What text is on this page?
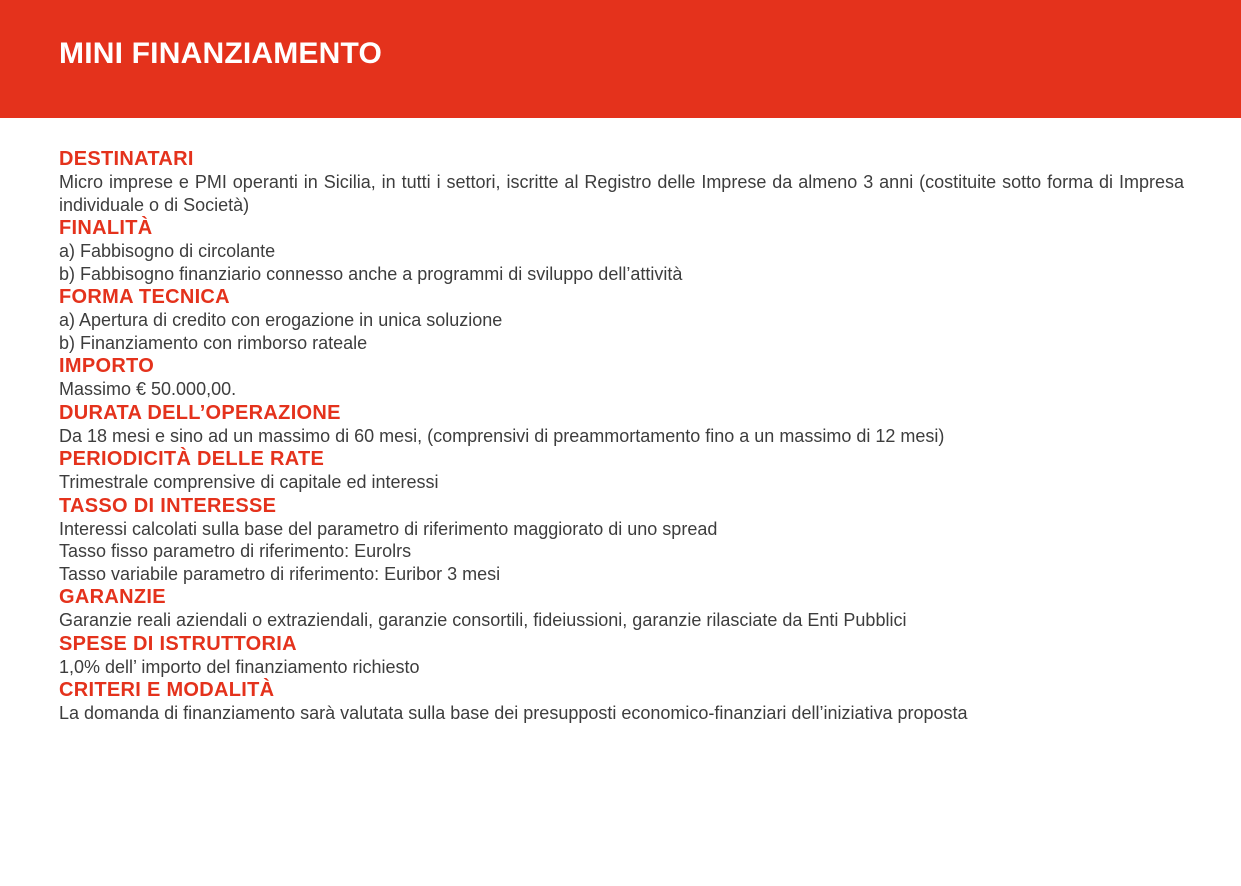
MINI FINANZIAMENTO
DESTINATARI

Micro imprese e PMI operanti in Sicilia, in tutti i settori, iscritte al Registro delle Imprese da almeno 3 anni (costituite sotto forma di Impresa individuale o di Società)

FINALITÀ

a) Fabbisogno di circolante

b) Fabbisogno finanziario connesso anche a programmi di sviluppo dell’attività

FORMA TECNICA

a) Apertura di credito con erogazione in unica soluzione

b) Finanziamento con rimborso rateale

IMPORTO

Massimo € 50.000,00.

DURATA DELL’OPERAZIONE

Da 18 mesi e sino ad un massimo di 60 mesi, (comprensivi di preammortamento fino a un massimo di 12 mesi)

PERIODICITÀ DELLE RATE

Trimestrale comprensive di capitale ed interessi

TASSO DI INTERESSE

Interessi calcolati sulla base del parametro di riferimento maggiorato di uno spread

Tasso fisso parametro di riferimento: Eurolrs

Tasso variabile parametro di riferimento: Euribor 3 mesi

GARANZIE

Garanzie reali aziendali o extraziendali, garanzie consortili, fideiussioni, garanzie rilasciate da Enti Pubblici

SPESE DI ISTRUTTORIA

1,0% dell’ importo del finanziamento richiesto

CRITERI E MODALITÀ

La domanda di finanziamento sarà valutata sulla base dei presupposti economico-finanziari dell’iniziativa proposta
